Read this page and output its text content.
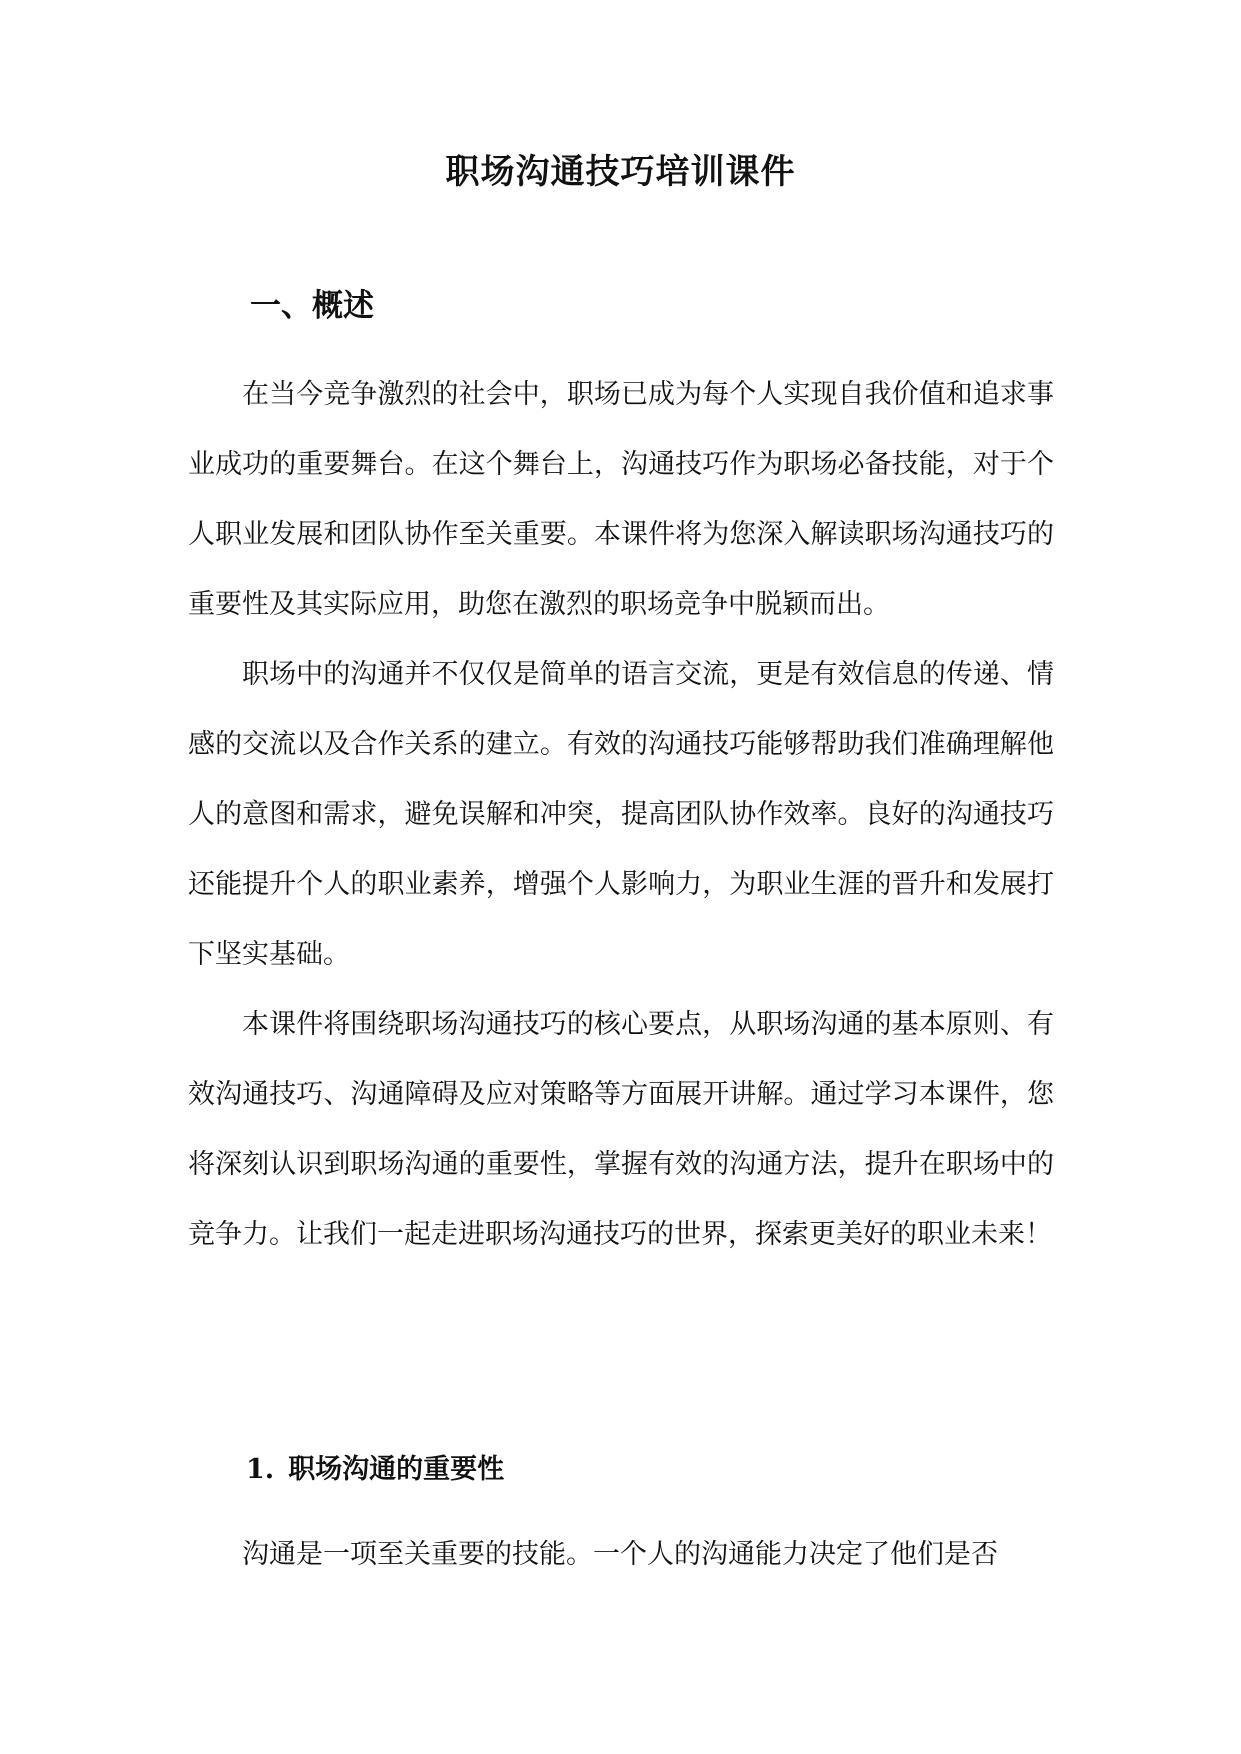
职场沟通技巧培训课件
一、概述

在当今竞争激烈的社会中，职场已成为每个人实现自我价值和追求事业成功的重要舞台。在这个舞台上，沟通技巧作为职场必备技能，对于个人职业发展和团队协作至关重要。本课件将为您深入解读职场沟通技巧的重要性及其实际应用，助您在激烈的职场竞争中脱颖而出。

职场中的沟通并不仅仅是简单的语言交流，更是有效信息的传递、情感的交流以及合作关系的建立。有效的沟通技巧能够帮助我们准确理解他人的意图和需求，避免误解和冲突，提高团队协作效率。良好的沟通技巧还能提升个人的职业素养，增强个人影响力，为职业生涯的晋升和发展打下坚实基础。

本课件将围绕职场沟通技巧的核心要点，从职场沟通的基本原则、有效沟通技巧、沟通障碍及应对策略等方面展开讲解。通过学习本课件，您将深刻认识到职场沟通的重要性，掌握有效的沟通方法，提升在职场中的竞争力。让我们一起走进职场沟通技巧的世界，探索更美好的职业未来！

1. 职场沟通的重要性

沟通是一项至关重要的技能。一个人的沟通能力决定了他们是否
